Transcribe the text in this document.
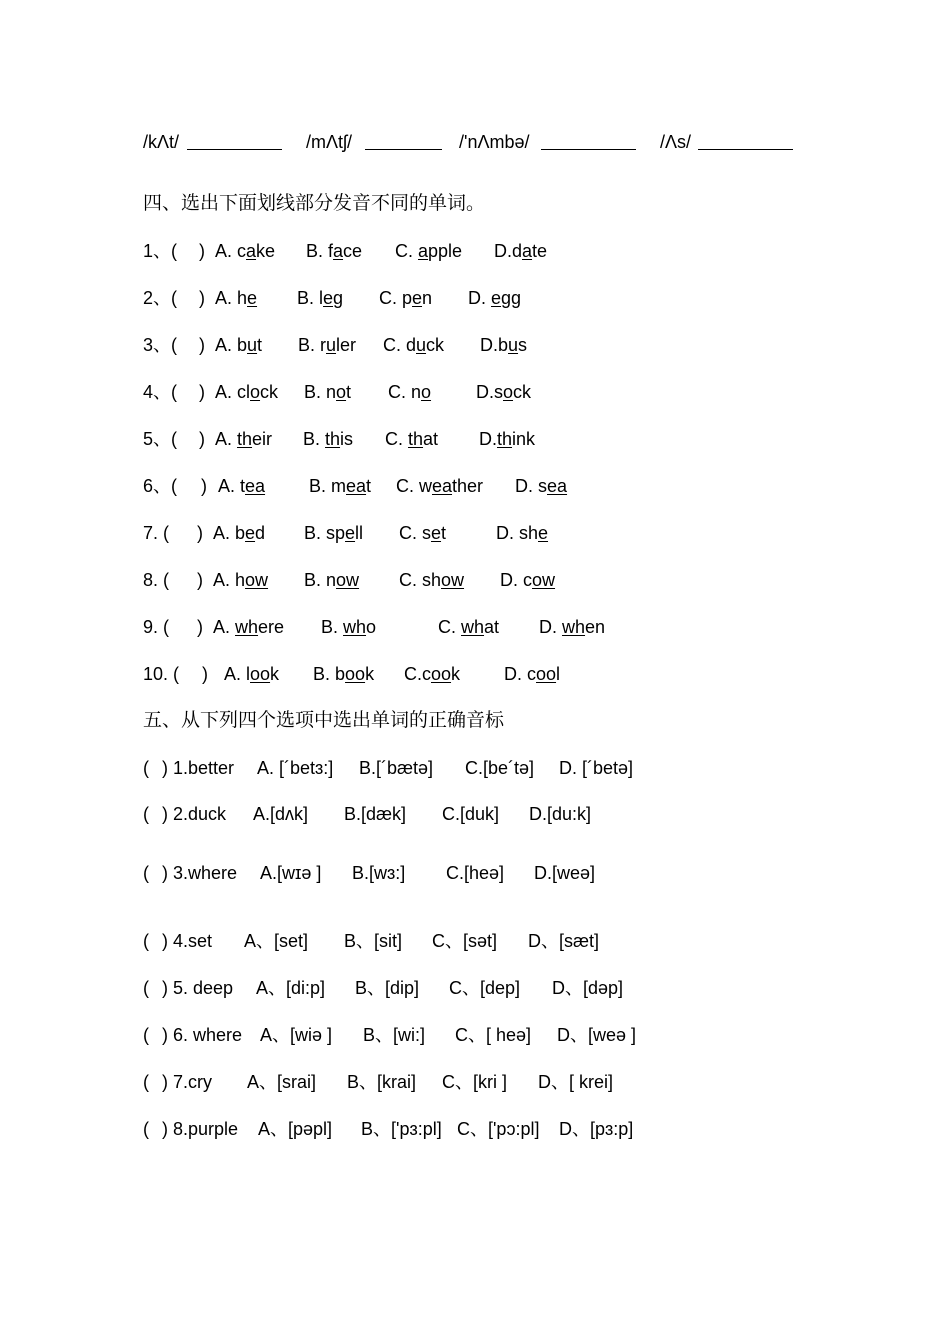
/kΛt/	/mΛtʃ/	/'nΛmbə/	/Λs/
四、选出下面划线部分发音不同的单词。
1、( ) A. cake B. face C. apple D.date
2、( ) A. he B. leg C. pen D. egg
3、( ) A. but B. ruler C. duck D.bus
4、( ) A. clock B. not C. no D.sock
5、( ) A. their B. this C. that D.think
6、( ) A. tea B. meat C. weather D. sea
7. ( ) A. bed B. spell C. set	D. she
8. ( ) A. how B. now C. show D. cow
9. ( ) A. where B. who	C. what D. when
10. ( ) A. look B. book C.cook D. cool
五、从下列四个选项中选出单词的正确音标
( ) 1.better A. [´betɜ:] B.[´bætə] C.[be´tə] D. [´betə]
( ) 2.duck A.[dʌk] B.[dæk] C.[duk] D.[du:k]
( ) 3.where A.[wɪə ] B.[wɜ:] C.[heə] D.[weə]
( ) 4.set A、[set] B、[sit] C、[sət] D、[sæt]
( ) 5. deep A、[di:p] B、[dip] C、[dep] D、[dəp]
( ) 6. where A、[wiə ] B、[wi:] C、[ heə] D、[weə ]
( ) 7.cry A、[srai] B、[krai] C、[kri ] D、[ krei]
( ) 8.purple A、[pəpl] B、['pɜ:pl] C、['pɔ:pl] D、[pɜ:p]
